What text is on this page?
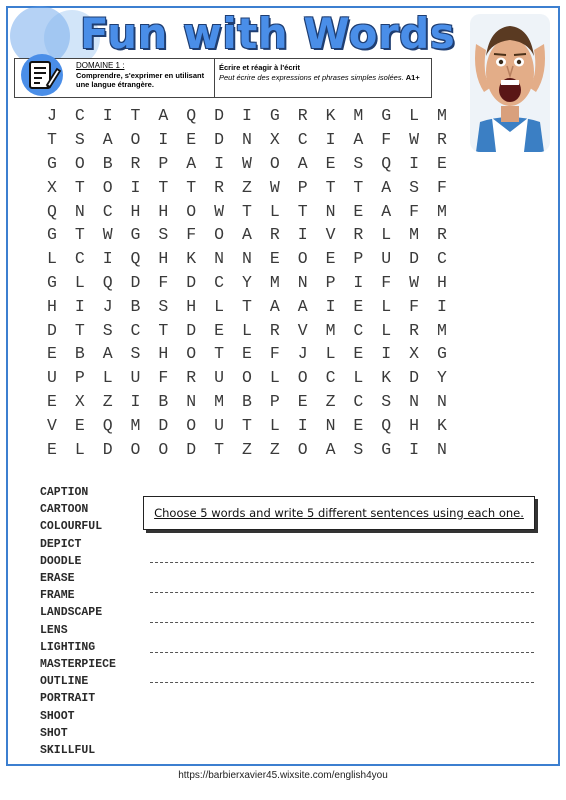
Fun with Words
DOMAINE 1 :
Comprendre, s'exprimer en utilisant une langue étrangère.
Écrire et réagir à l'écrit
Peut écrire des expressions et phrases simples isolées. A1+
J	C	I	T	A	Q	D	I	G	R	K	M	G	L	M
T	S	A	O	I	E	D	N	X	C	I	A	F	W	R
G	O	B	R	P	A	I	W	O	A	E	S	Q	I	E
X	T	O	I	T	T	R	Z	W	P	T	T	A	S	F
Q	N	C	H	H	O	W	T	L	T	N	E	A	F	M
G	T	W	G	S	F	O	A	R	I	V	R	L	M	R
L	C	I	Q	H	K	N	N	E	O	E	P	U	D	C
G	L	Q	D	F	D	C	Y	M	N	P	I	F	W	H
H	I	J	B	S	H	L	T	A	A	I	E	L	F	I
D	T	S	C	T	D	E	L	R	V	M	C	L	R	M
E	B	A	S	H	O	T	E	F	J	L	E	I	X	G
U	P	L	U	F	R	U	O	L	O	C	L	K	D	Y
E	X	Z	I	B	N	M	B	P	E	Z	C	S	N	N
V	E	Q	M	D	O	U	T	L	I	N	E	Q	H	K
E	L	D	O	O	D	T	Z	Z	O	A	S	G	I	N
CAPTION
CARTOON
COLOURFUL
DEPICT
DOODLE
ERASE
FRAME
LANDSCAPE
LENS
LIGHTING
MASTERPIECE
OUTLINE
PORTRAIT
SHOOT
SHOT
SKILLFUL
Choose 5 words and write 5 different sentences using each one.
https://barbierxavier45.wixsite.com/english4you
